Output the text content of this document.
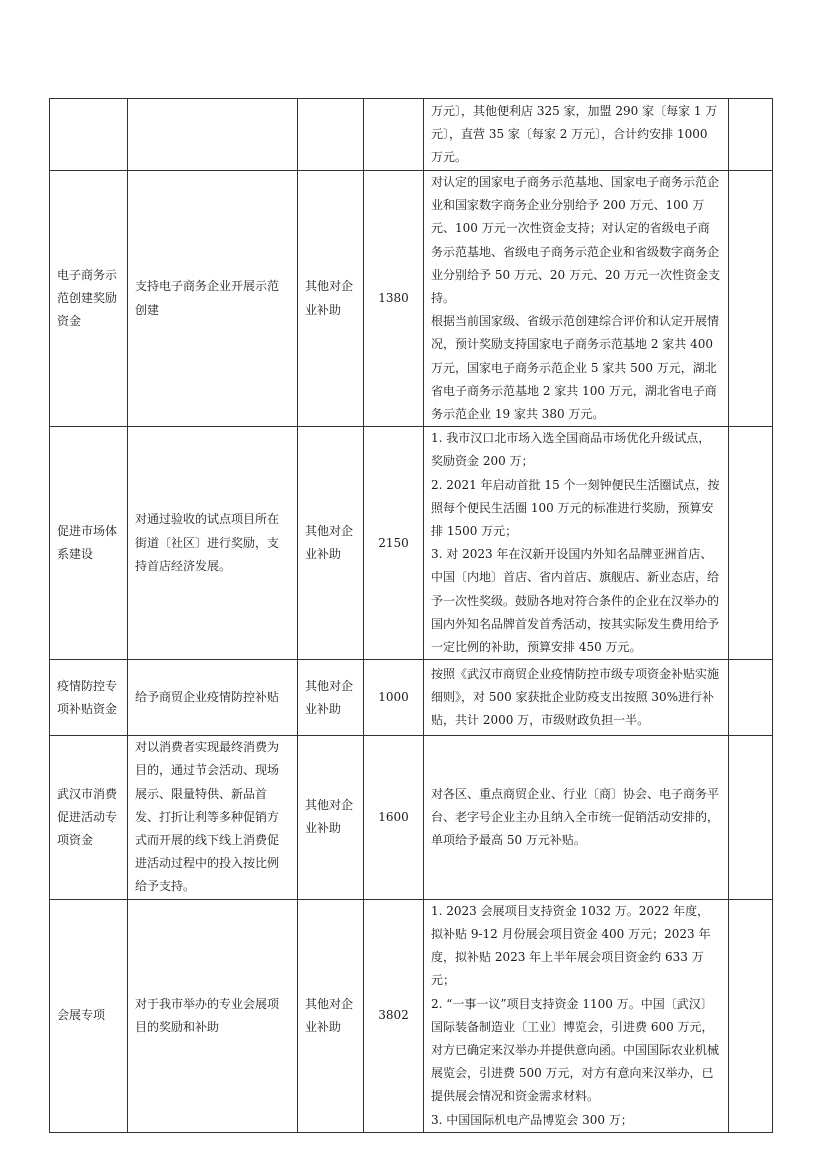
				万元〕，其他便利店 325 家，加盟 290 家〔每家 1 万元〕，直营 35 家〔每家 2 万元〕，合计约安排 1000 万元。	

电子商务示范创建奖励资金	支持电子商务企业开展示范创建	其他对企业补助	1380	对认定的国家电子商务示范基地、国家电子商务示范企业和国家数字商务企业分别给予 200 万元、100 万元、100 万元一次性资金支持；对认定的省级电子商务示范基地、省级电子商务示范企业和省级数字商务企业分别给予 50 万元、20 万元、20 万元一次性资金支持。
根据当前国家级、省级示范创建综合评价和认定开展情况，预计奖励支持国家电子商务示范基地 2 家共 400 万元，国家电子商务示范企业 5 家共 500 万元，湖北省电子商务示范基地 2 家共 100 万元，湖北省电子商务示范企业 19 家共 380 万元。	

促进市场体系建设	对通过验收的试点项目所在街道〔社区〕进行奖励，支持首店经济发展。	其他对企业补助	2150	1. 我市汉口北市场入选全国商品市场优化升级试点，奖励资金 200 万；
2. 2021 年启动首批 15 个一刻钟便民生活圈试点，按照每个便民生活圈 100 万元的标准进行奖励，预算安排 1500 万元；
3. 对 2023 年在汉新开设国内外知名品牌亚洲首店、中国〔内地〕首店、省内首店、旗舰店、新业态店，给予一次性奖级。鼓励各地对符合条件的企业在汉举办的国内外知名品牌首发首秀活动，按其实际发生费用给予一定比例的补助，预算安排 450 万元。	

疫情防控专项补贴资金	给予商贸企业疫情防控补贴	其他对企业补助	1000	按照《武汉市商贸企业疫情防控市级专项资金补贴实施细则》，对 500 家获批企业防疫支出按照 30%进行补贴，共计 2000 万，市级财政负担一半。	

武汉市消费促进活动专项资金	对以消费者实现最终消费为目的，通过节会活动、现场展示、限量特供、新品首发、打折让利等多种促销方式而开展的线下线上消费促进活动过程中的投入按比例给予支持。	其他对企业补助	1600	对各区、重点商贸企业、行业〔商〕协会、电子商务平台、老字号企业主办且纳入全市统一促销活动安排的，单项给予最高 50 万元补贴。	

会展专项	对于我市举办的专业会展项目的奖励和补助	其他对企业补助	3802	1. 2023 会展项目支持资金 1032 万。2022 年度，拟补贴 9-12 月份展会项目资金 400 万元；2023 年度，拟补贴 2023 年上半年展会项目资金约 633 万元；
2. “一事一议”项目支持资金 1100 万。中国〔武汉〕国际装备制造业〔工业〕博览会，引进费 600 万元，对方已确定来汉举办并提供意向函。中国国际农业机械展览会，引进费 500 万元，对方有意向来汉举办，已提供展会情况和资金需求材料。
3. 中国国际机电产品博览会 300 万；	
